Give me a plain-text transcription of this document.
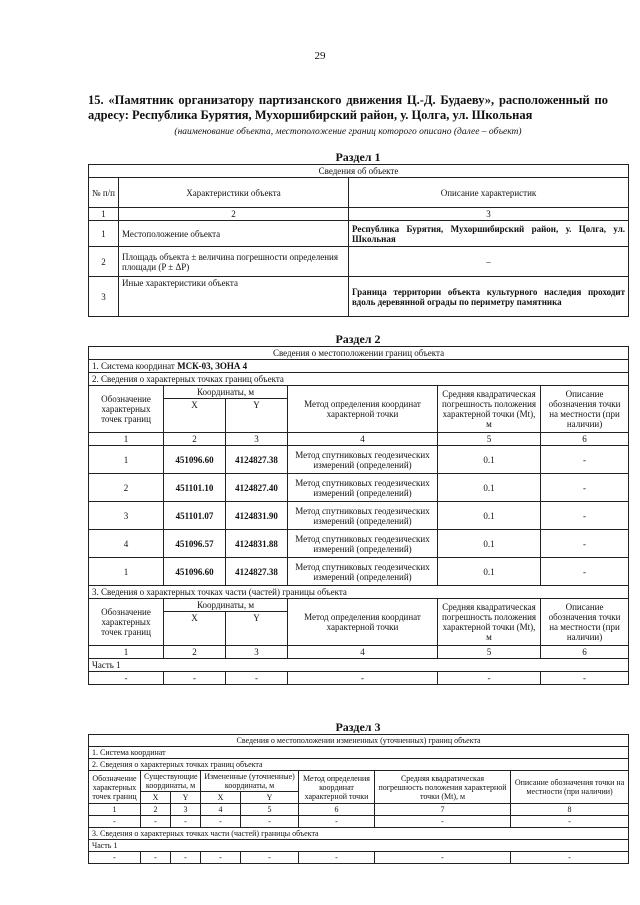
29
15. «Памятник организатору партизанского движения Ц.-Д. Будаеву», расположенный по адресу: Республика Бурятия, Мухоршибирский район, у. Цолга, ул. Школьная
(наименование объекта, местоположение границ которого описано (далее – объект)
Раздел 1
Сведения об объекте		
№ п/п	Характеристики объекта	Описание характеристик
1	2	3
1	Местоположение объекта	Республика Бурятия, Мухоршибирский район, у. Цолга, ул. Школьная
2	Площадь объекта ± величина погрешности определения площади (P ± ΔP)	–
3	Иные характеристики объекта	Граница территории объекта культурного наследия проходит вдоль деревянной ограды по периметру памятника
Раздел 2
Сведения о местоположении границ объекта					
1. Система координат МСК-03, ЗОНА 4					
2. Сведения о характерных точках границ объекта					
Обозначение характерных точек границ	Координаты, м		Метод определения координат характерной точки	Средняя квадратическая погрешность положения характерной точки (Mt), м	Описание обозначения точки на местности (при наличии)
	X	Y			
1	2	3	4	5	6
1	451096.60	4124827.38	Метод спутниковых геодезических измерений (определений)	0.1	-
2	451101.10	4124827.40	Метод спутниковых геодезических измерений (определений)	0.1	-
3	451101.07	4124831.90	Метод спутниковых геодезических измерений (определений)	0.1	-
4	451096.57	4124831.88	Метод спутниковых геодезических измерений (определений)	0.1	-
1	451096.60	4124827.38	Метод спутниковых геодезических измерений (определений)	0.1	-
3. Сведения о характерных точках части (частей) границы объекта					
Обозначение характерных точек границ	Координаты, м		Метод определения координат характерной точки	Средняя квадратическая погрешность положения характерной точки (Mt), м	Описание обозначения точки на местности (при наличии)
	X	Y			
1	2	3	4	5	6
Часть 1					
-	-	-	-	-	-
Раздел 3
Сведения о местоположении измененных (уточненных) границ объекта							
1. Система координат							
2. Сведения о характерных точках границ объекта							
Обозначение характерных точек границ	Существующие координаты, м		Измененные (уточненные) координаты, м		Метод определения координат характерной точки	Средняя квадратическая погрешность положения характерной точки (Mt), м	Описание обозначения точки на местности (при наличии)
	X	Y	X	Y			
1	2	3	4	5	6	7	8
-	-	-	-	-	-	-	-
3. Сведения о характерных точках части (частей) границы объекта							
Часть 1							
-	-	-	-	-	-	-	-
